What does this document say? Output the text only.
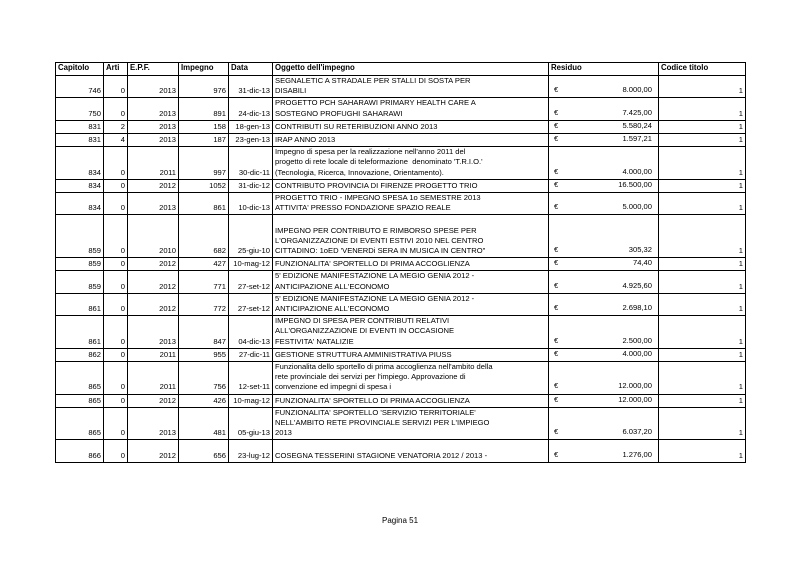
Capitolo	Arti	E.P.F.	Impegno	Data	Oggetto dell'impegno	Residuo	Codice titolo
746	0	2013	976	31-dic-13	SEGNALETIC A STRADALE PER STALLI DI SOSTA PER
DISABILI	€ 8.000,00	1
750	0	2013	891	24-dic-13	PROGETTO PCH SAHARAWI PRIMARY HEALTH CARE A
SOSTEGNO PROFUGHI SAHARAWI	€ 7.425,00	1
831	2	2013	158	18-gen-13	CONTRIBUTI SU RETERIBUZIONI ANNO 2013	€ 5.580,24	1
831	4	2013	187	23-gen-13	IRAP ANNO 2013	€ 1.597,21	1
834	0	2011	997	30-dic-11	Impegno di spesa per la realizzazione nell'anno 2011 del
progetto di rete locale di teleformazione  denominato 'T.R.I.O.'
(Tecnologia, Ricerca, Innovazione, Orientamento).	€ 4.000,00	1
834	0	2012	1052	31-dic-12	CONTRIBUTO PROVINCIA DI FIRENZE PROGETTO TRIO	€ 16.500,00	1
834	0	2013	861	10-dic-13	PROGETTO TRIO - IMPEGNO SPESA 1o SEMESTRE 2013
ATTIVITA' PRESSO FONDAZIONE SPAZIO REALE	€ 5.000,00	1
859	0	2010	682	25-giu-10	IMPEGNO PER CONTRIBUTO E RIMBORSO SPESE PER
L'ORGANIZZAZIONE DI EVENTI ESTIVI 2010 NEL CENTRO
CITTADINO: 1oED 'VENERDi SERA IN MUSICA IN CENTRO"	€ 305,32	1
859	0	2012	427	10-mag-12	FUNZIONALITA' SPORTELLO DI PRIMA ACCOGLIENZA	€ 74,40	1
859	0	2012	771	27-set-12	5' EDIZIONE MANIFESTAZIONE LA MEGIO GENIA 2012 -
ANTICIPAZIONE ALL'ECONOMO	€ 4.925,60	1
861	0	2012	772	27-set-12	5' EDIZIONE MANIFESTAZIONE LA MEGIO GENIA 2012 -
ANTICIPAZIONE ALL'ECONOMO	€ 2.698,10	1
861	0	2013	847	04-dic-13	IMPEGNO DI SPESA PER CONTRIBUTI RELATIVI
ALL'ORGANIZZAZIONE DI EVENTI IN OCCASIONE
FESTIVITA' NATALIZIE	€ 2.500,00	1
862	0	2011	955	27-dic-11	GESTIONE STRUTTURA AMMINISTRATIVA PIUSS	€ 4.000,00	1
865	0	2011	756	12-set-11	Funzionalita dello sportello di prima accoglienza nell'ambito della
rete provinciale dei servizi per l'impiego. Approvazione di
convenzione ed impegni di spesa i	€ 12.000,00	1
865	0	2012	426	10-mag-12	FUNZIONALITA' SPORTELLO DI PRIMA ACCOGLIENZA	€ 12.000,00	1
865	0	2013	481	05-giu-13	FUNZIONALITA' SPORTELLO 'SERVIZIO TERRITORIALE'
NELL'AMBITO RETE PROVINCIALE SERVIZI PER L'IMPIEGO
2013	€ 6.037,20	1
866	0	2012	656	23-lug-12	COSEGNA TESSERINI STAGIONE VENATORIA 2012 / 2013 -	€ 1.276,00	1
Pagina 51
